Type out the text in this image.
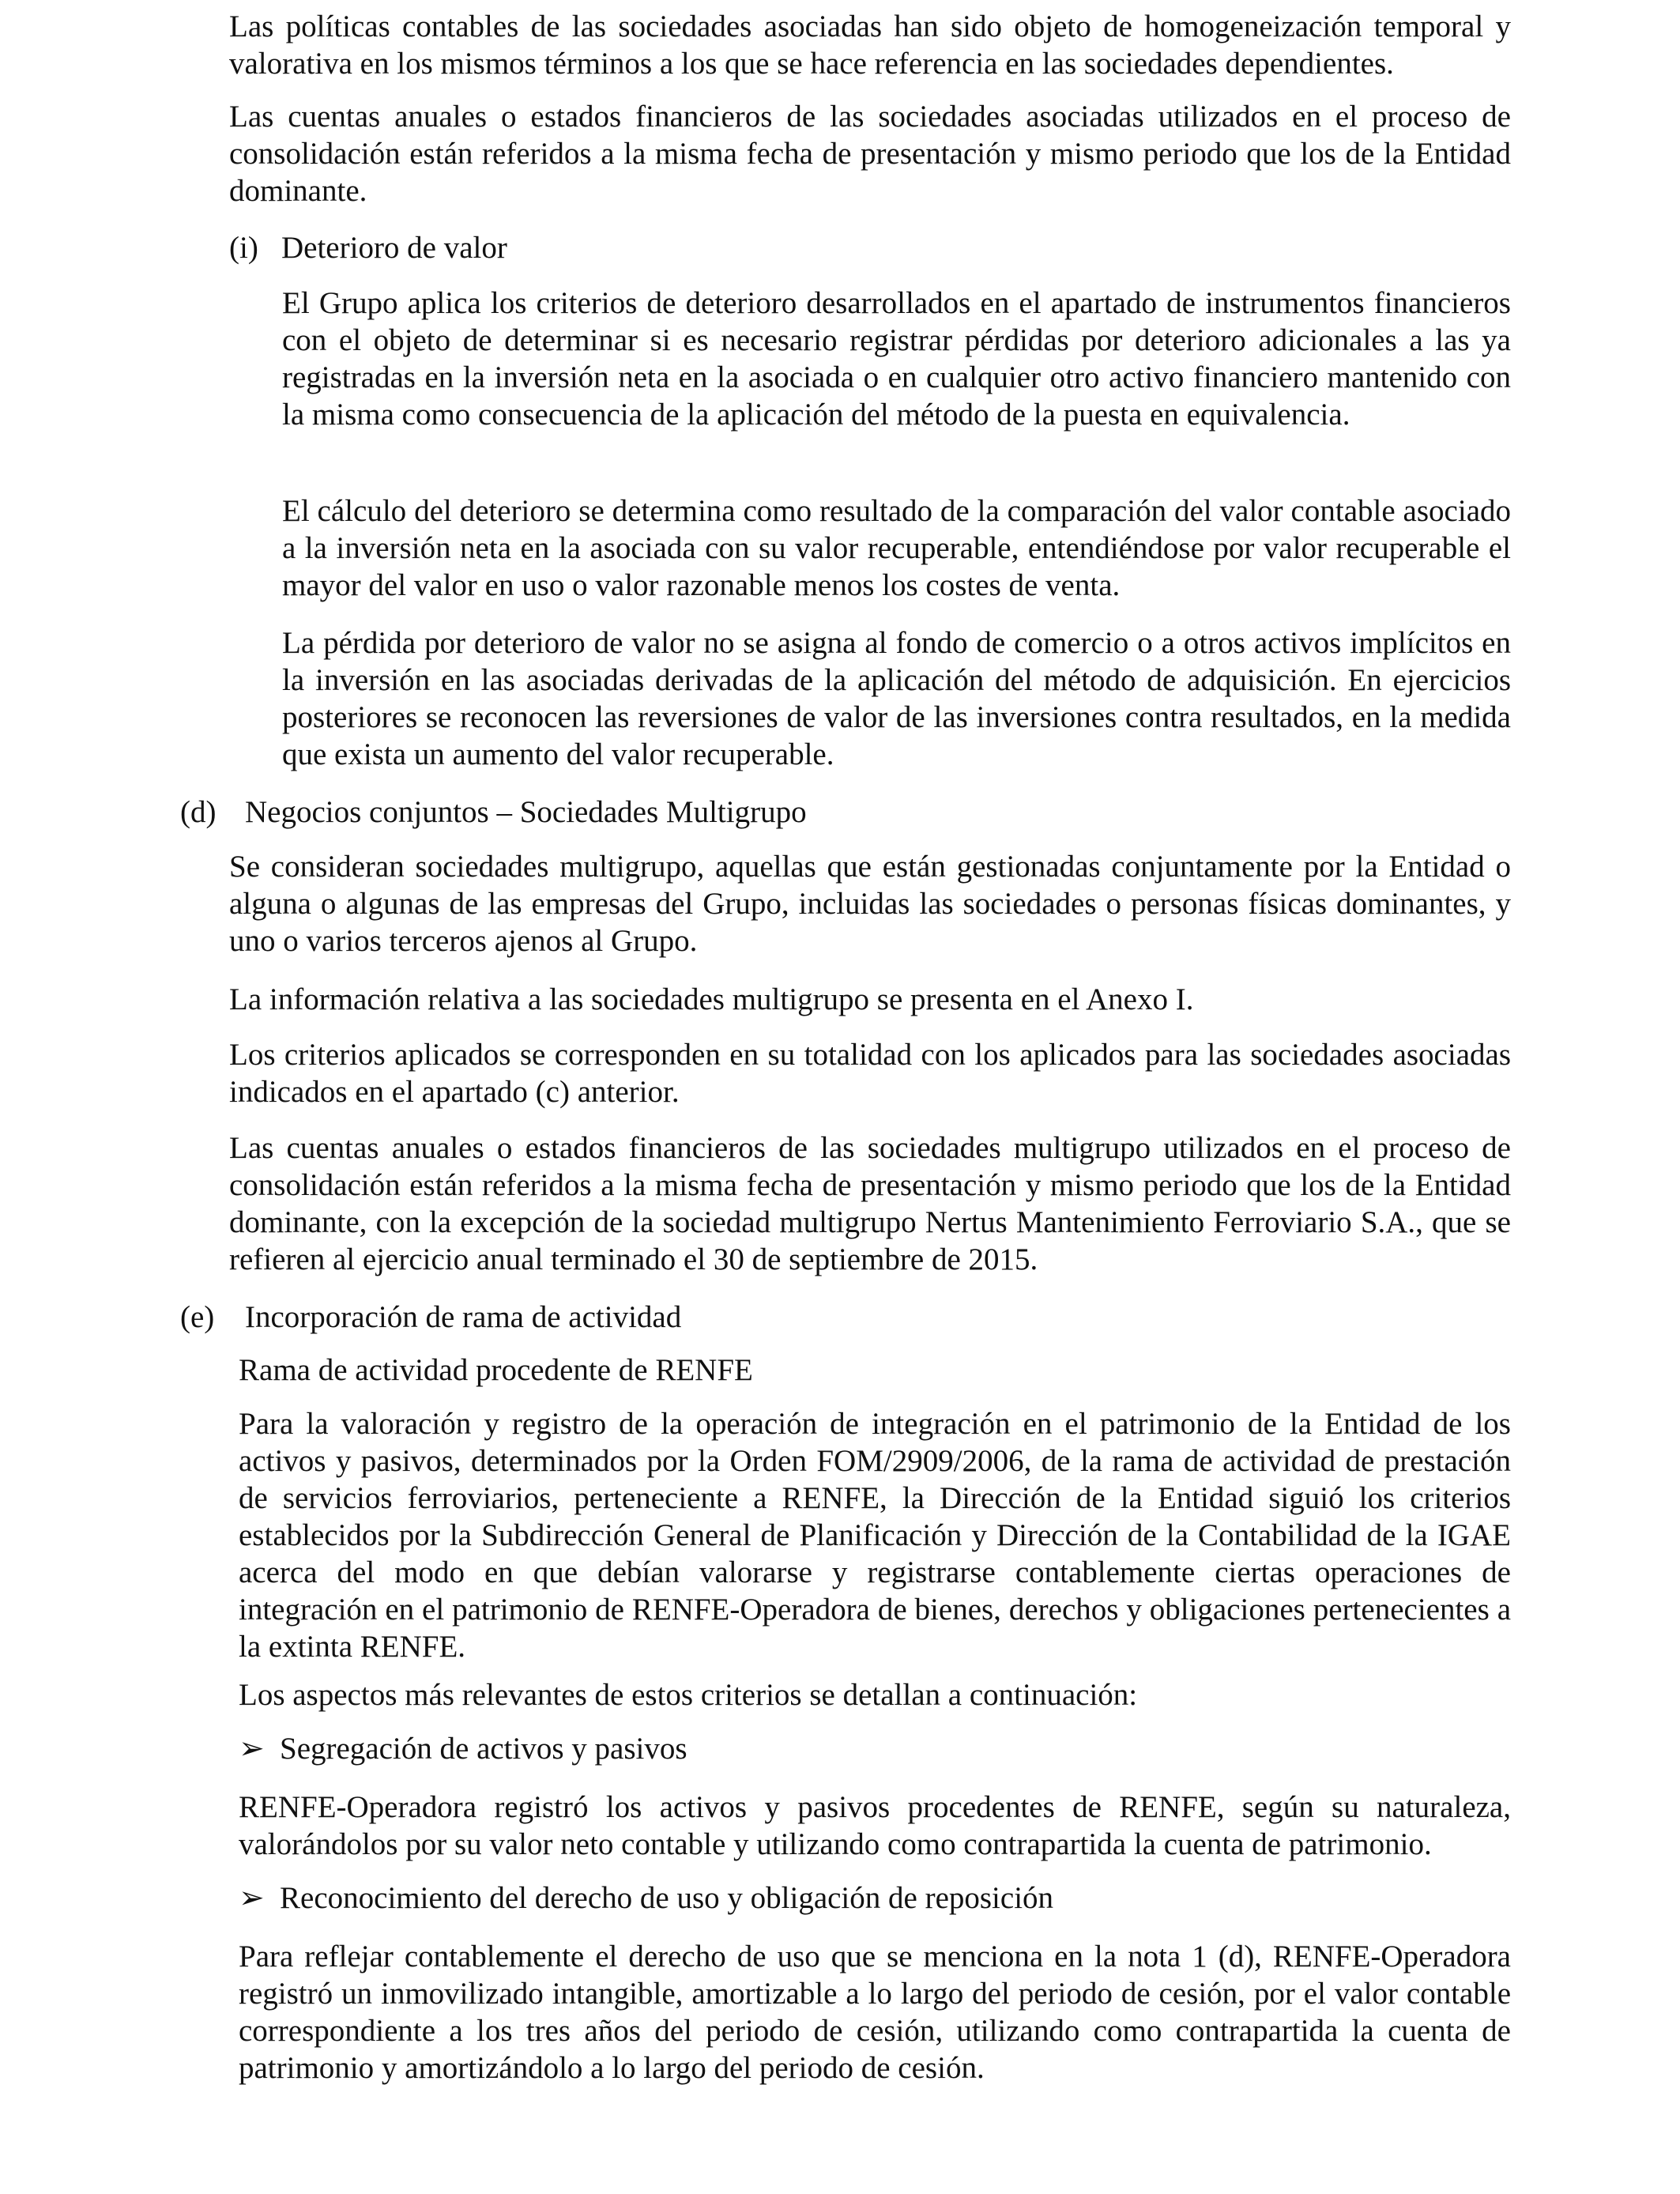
Las políticas contables de las sociedades asociadas han sido objeto de homogeneización temporal y valorativa en los mismos términos a los que se hace referencia en las sociedades dependientes.

Las cuentas anuales o estados financieros de las sociedades asociadas utilizados en el proceso de consolidación están referidos a la misma fecha de presentación y mismo periodo que los de la Entidad dominante.

(i) Deterioro de valor

El Grupo aplica los criterios de deterioro desarrollados en el apartado de instrumentos financieros con el objeto de determinar si es necesario registrar pérdidas por deterioro adicionales a las ya registradas en la inversión neta en la asociada o en cualquier otro activo financiero mantenido con la misma como consecuencia de la aplicación del método de la puesta en equivalencia.

El cálculo del deterioro se determina como resultado de la comparación del valor contable asociado a la inversión neta en la asociada con su valor recuperable, entendiéndose por valor recuperable el mayor del valor en uso o valor razonable menos los costes de venta.

La pérdida por deterioro de valor no se asigna al fondo de comercio o a otros activos implícitos en la inversión en las asociadas derivadas de la aplicación del método de adquisición. En ejercicios posteriores se reconocen las reversiones de valor de las inversiones contra resultados, en la medida que exista un aumento del valor recuperable.

(d) Negocios conjuntos – Sociedades Multigrupo

Se consideran sociedades multigrupo, aquellas que están gestionadas conjuntamente por la Entidad o alguna o algunas de las empresas del Grupo, incluidas las sociedades o personas físicas dominantes, y uno o varios terceros ajenos al Grupo.

La información relativa a las sociedades multigrupo se presenta en el Anexo I.

Los criterios aplicados se corresponden en su totalidad con los aplicados para las sociedades asociadas indicados en el apartado (c) anterior.

Las cuentas anuales o estados financieros de las sociedades multigrupo utilizados en el proceso de consolidación están referidos a la misma fecha de presentación y mismo periodo que los de la Entidad dominante, con la excepción de la sociedad multigrupo Nertus Mantenimiento Ferroviario S.A., que se refieren al ejercicio anual terminado el 30 de septiembre de 2015.

(e) Incorporación de rama de actividad

Rama de actividad procedente de RENFE

Para la valoración y registro de la operación de integración en el patrimonio de la Entidad de los activos y pasivos, determinados por la Orden FOM/2909/2006, de la rama de actividad de prestación de servicios ferroviarios, perteneciente a RENFE, la Dirección de la Entidad siguió los criterios establecidos por la Subdirección General de Planificación y Dirección de la Contabilidad de la IGAE acerca del modo en que debían valorarse y registrarse contablemente ciertas operaciones de integración en el patrimonio de RENFE-Operadora de bienes, derechos y obligaciones pertenecientes a la extinta RENFE.

Los aspectos más relevantes de estos criterios se detallan a continuación:

➢ Segregación de activos y pasivos

RENFE-Operadora registró los activos y pasivos procedentes de RENFE, según su naturaleza, valorándolos por su valor neto contable y utilizando como contrapartida la cuenta de patrimonio.

➢ Reconocimiento del derecho de uso y obligación de reposición

Para reflejar contablemente el derecho de uso que se menciona en la nota 1 (d), RENFE-Operadora registró un inmovilizado intangible, amortizable a lo largo del periodo de cesión, por el valor contable correspondiente a los tres años del periodo de cesión, utilizando como contrapartida la cuenta de patrimonio y amortizándolo a lo largo del periodo de cesión.
